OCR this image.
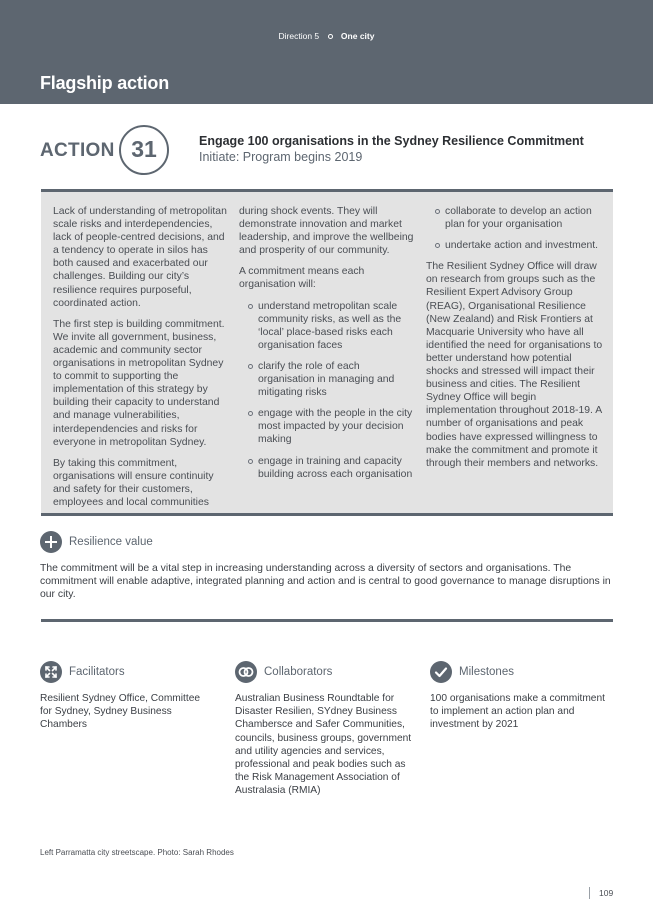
Direction 5	One city
Flagship action
ACTION 31	Engage 100 organisations in the Sydney Resilience Commitment
Initiate: Program begins 2019

Lack of understanding of metropolitan scale risks and interdependencies, lack of people-centred decisions, and a tendency to operate in silos has both caused and exacerbated our challenges. Building our city’s resilience requires purposeful, coordinated action.

The first step is building commitment. We invite all government, business, academic and community sector organisations in metropolitan Sydney to commit to supporting the implementation of this strategy by building their capacity to understand and manage vulnerabilities, interdependencies and risks for everyone in metropolitan Sydney.

By taking this commitment, organisations will ensure continuity and safety for their customers, employees and local communities

during shock events. They will demonstrate innovation and market leadership, and improve the wellbeing and prosperity of our community.

A commitment means each organisation will:

understand metropolitan scale community risks, as well as the ‘local’ place-based risks each organisation faces
clarify the role of each organisation in managing and mitigating risks
engage with the people in the city most impacted by your decision making
engage in training and capacity building across each organisation
collaborate to develop an action plan for your organisation
undertake action and investment.

The Resilient Sydney Office will draw on research from groups such as the Resilient Expert Advisory Group (REAG), Organisational Resilience (New Zealand) and Risk Frontiers at Macquarie University who have all identified the need for organisations to better understand how potential shocks and stressed will impact their business and cities. The Resilient Sydney Office will begin implementation throughout 2018-19. A number of organisations and peak bodies have expressed willingness to make the commitment and promote it through their members and networks.

Resilience value
The commitment will be a vital step in increasing understanding across a diversity of sectors and organisations. The commitment will enable adaptive, integrated planning and action and is central to good governance to manage disruptions in our city.
Facilitators
Resilient Sydney Office, Committee for Sydney, Sydney Business Chambers
Collaborators
Australian Business Roundtable for Disaster Resilien, SYdney Business Chambersce and Safer Communities, councils, business groups, government and utility agencies and services, professional and peak bodies such as the Risk Management Association of Australasia (RMIA)
Milestones
100 organisations make a commitment to implement an action plan and investment by 2021
Left Parramatta city streetscape. Photo: Sarah Rhodes
109
